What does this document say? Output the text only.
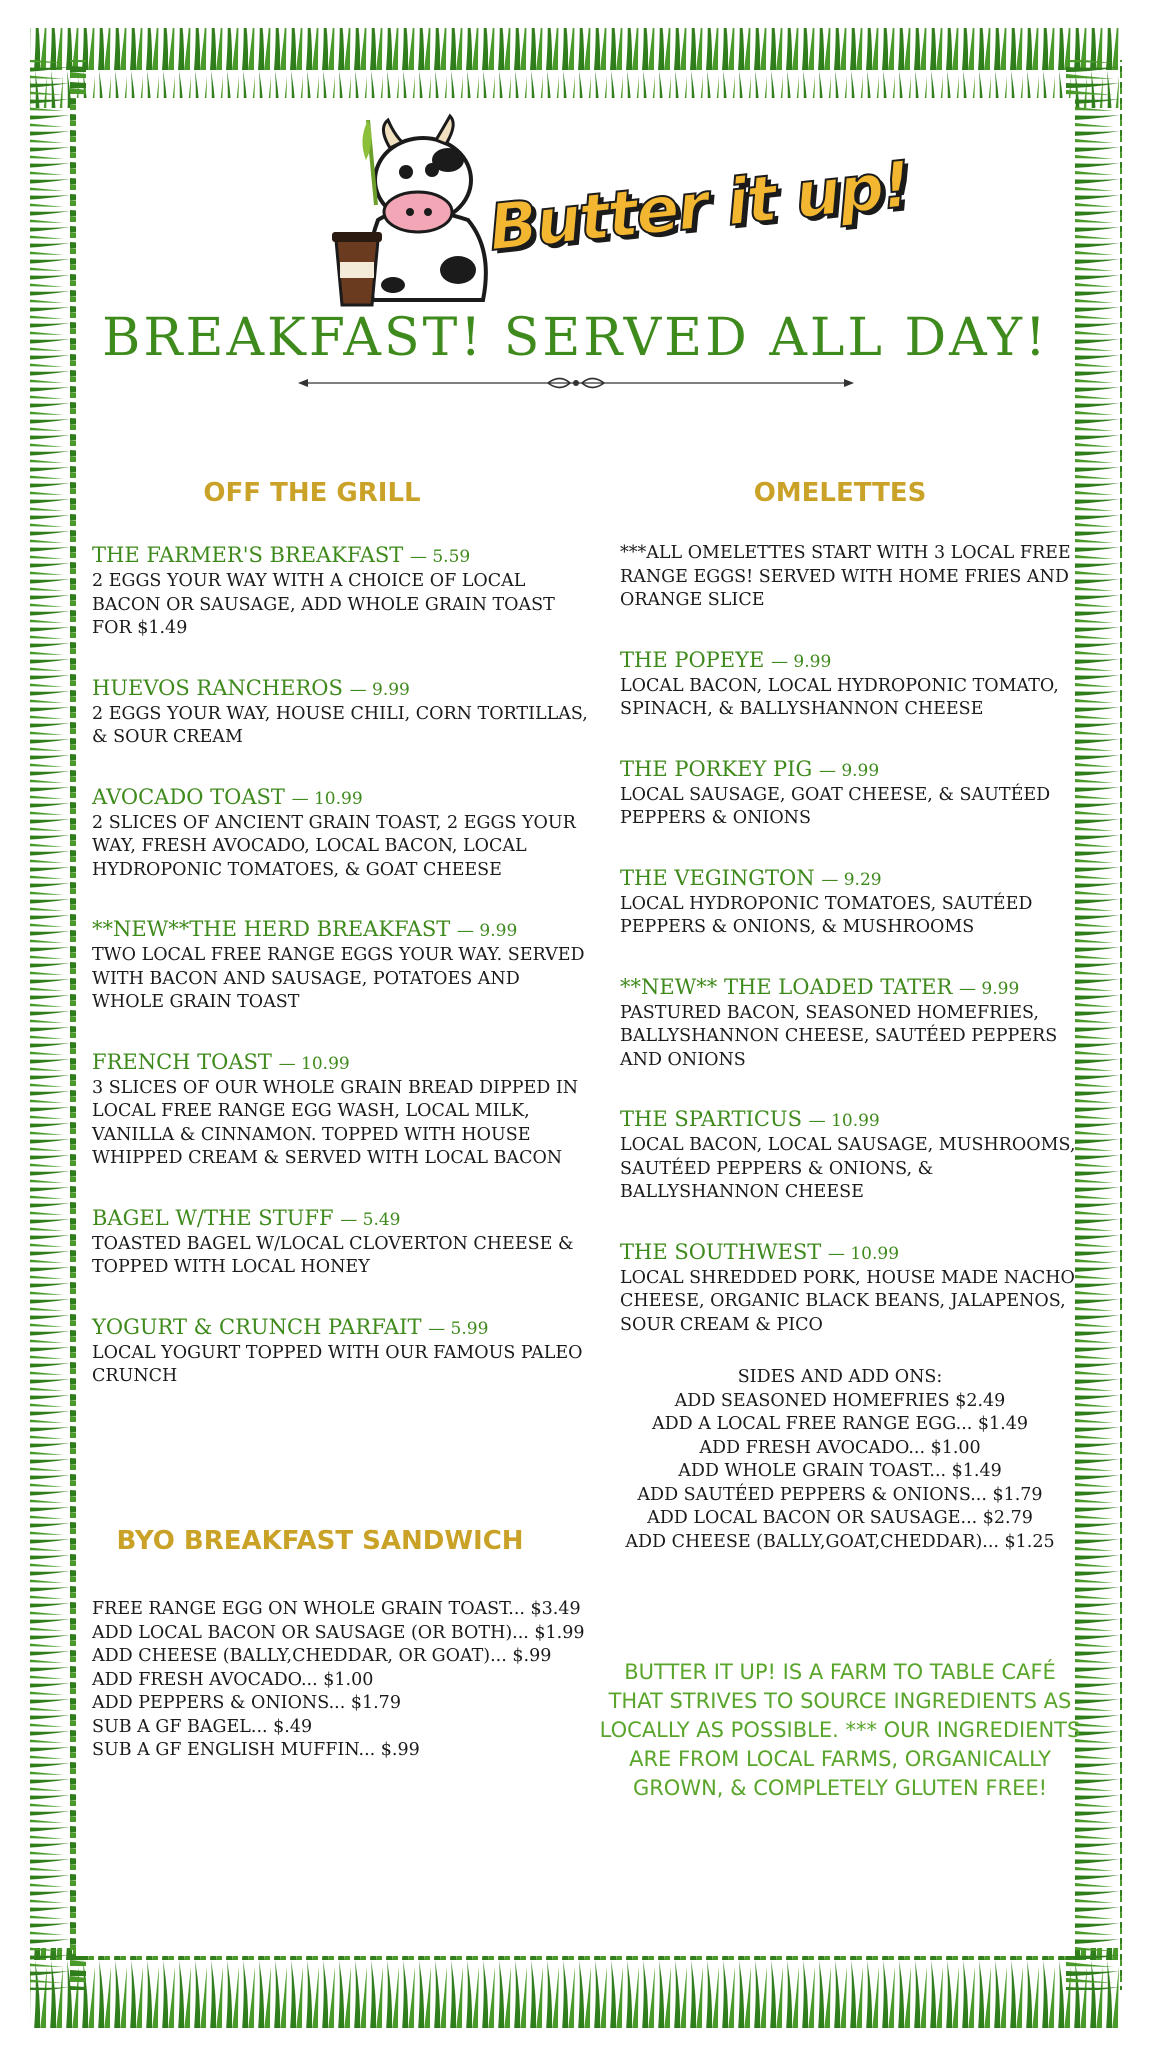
Butter it up!
BREAKFAST! SERVED ALL DAY!
OFF THE GRILL	OMELETTES
BYO BREAKFAST SANDWICH
THE FARMER'S BREAKFAST — 5.59
2 EGGS YOUR WAY WITH A CHOICE OF LOCAL BACON OR SAUSAGE, ADD WHOLE GRAIN TOAST FOR $1.49
HUEVOS RANCHEROS — 9.99
2 EGGS YOUR WAY, HOUSE CHILI, CORN TORTILLAS, & SOUR CREAM
AVOCADO TOAST — 10.99
2 SLICES OF ANCIENT GRAIN TOAST, 2 EGGS YOUR WAY, FRESH AVOCADO, LOCAL BACON, LOCAL HYDROPONIC TOMATOES, & GOAT CHEESE
**NEW**THE HERD BREAKFAST — 9.99
TWO LOCAL FREE RANGE EGGS YOUR WAY. SERVED WITH BACON AND SAUSAGE, POTATOES AND WHOLE GRAIN TOAST
FRENCH TOAST — 10.99
3 SLICES OF OUR WHOLE GRAIN BREAD DIPPED IN LOCAL FREE RANGE EGG WASH, LOCAL MILK, VANILLA & CINNAMON. TOPPED WITH HOUSE WHIPPED CREAM & SERVED WITH LOCAL BACON
BAGEL W/THE STUFF — 5.49
TOASTED BAGEL W/LOCAL CLOVERTON CHEESE & TOPPED WITH LOCAL HONEY
YOGURT & CRUNCH PARFAIT — 5.99
LOCAL YOGURT TOPPED WITH OUR FAMOUS PALEO CRUNCH
***ALL OMELETTES START WITH 3 LOCAL FREE RANGE EGGS! SERVED WITH HOME FRIES AND ORANGE SLICE
THE POPEYE — 9.99
LOCAL BACON, LOCAL HYDROPONIC TOMATO, SPINACH, & BALLYSHANNON CHEESE
THE PORKEY PIG — 9.99
LOCAL SAUSAGE, GOAT CHEESE, & SAUTÉED PEPPERS & ONIONS
THE VEGINGTON — 9.29
LOCAL HYDROPONIC TOMATOES, SAUTÉED PEPPERS & ONIONS, & MUSHROOMS
**NEW** THE LOADED TATER — 9.99
PASTURED BACON, SEASONED HOMEFRIES, BALLYSHANNON CHEESE, SAUTÉED PEPPERS AND ONIONS
THE SPARTICUS — 10.99
LOCAL BACON, LOCAL SAUSAGE, MUSHROOMS, SAUTÉED PEPPERS & ONIONS, & BALLYSHANNON CHEESE
THE SOUTHWEST — 10.99
LOCAL SHREDDED PORK, HOUSE MADE NACHO CHEESE, ORGANIC BLACK BEANS, JALAPENOS, SOUR CREAM & PICO
SIDES AND ADD ONS:
ADD SEASONED HOMEFRIES $2.49
ADD A LOCAL FREE RANGE EGG... $1.49
ADD FRESH AVOCADO... $1.00
ADD WHOLE GRAIN TOAST... $1.49
ADD SAUTÉED PEPPERS & ONIONS... $1.79
ADD LOCAL BACON OR SAUSAGE... $2.79
ADD CHEESE (BALLY,GOAT,CHEDDAR)... $1.25
FREE RANGE EGG ON WHOLE GRAIN TOAST... $3.49
ADD LOCAL BACON OR SAUSAGE (OR BOTH)... $1.99
ADD CHEESE (BALLY,CHEDDAR, OR GOAT)... $.99
ADD FRESH AVOCADO... $1.00
ADD PEPPERS & ONIONS... $1.79
SUB A GF BAGEL... $.49
SUB A GF ENGLISH MUFFIN... $.99
BUTTER IT UP! IS A FARM TO TABLE CAFÉ THAT STRIVES TO SOURCE INGREDIENTS AS LOCALLY AS POSSIBLE. *** OUR INGREDIENTS ARE FROM LOCAL FARMS, ORGANICALLY GROWN, & COMPLETELY GLUTEN FREE!
